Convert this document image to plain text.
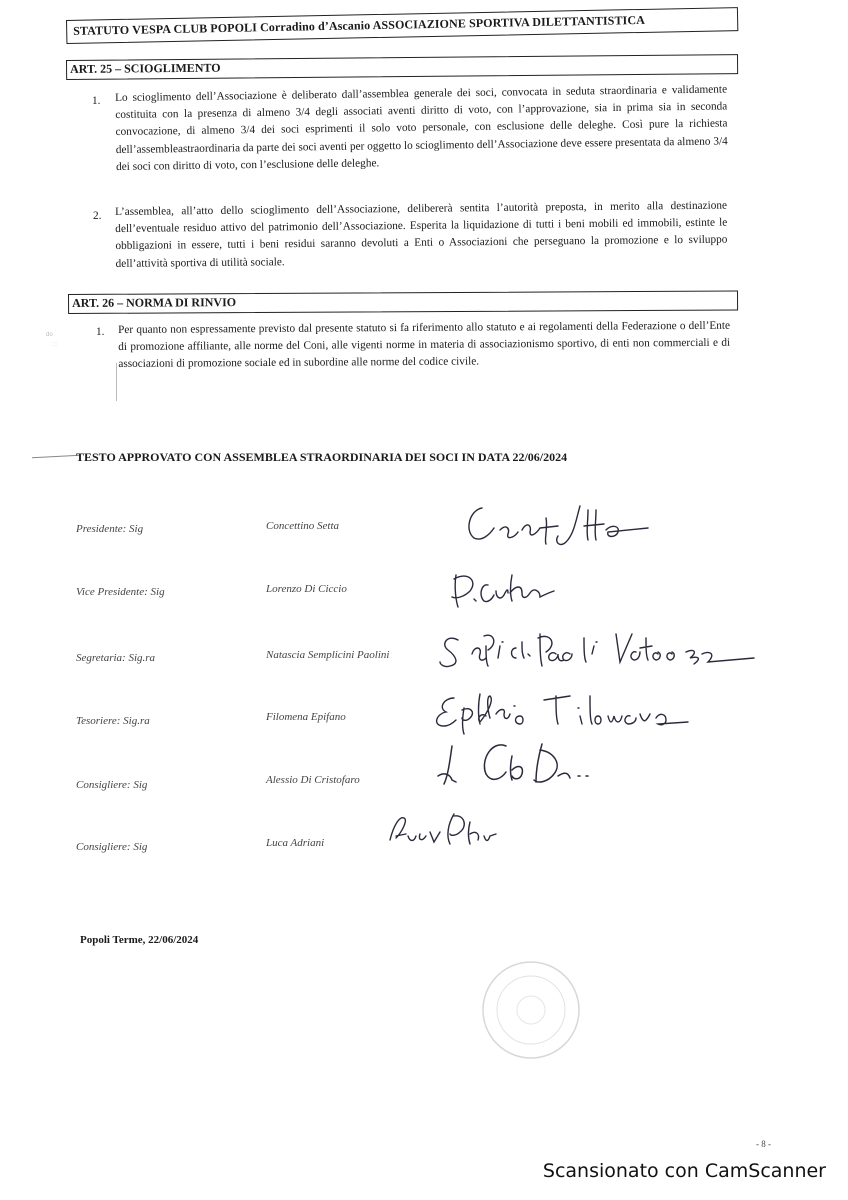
STATUTO VESPA CLUB POPOLI Corradino d’Ascanio ASSOCIAZIONE SPORTIVA DILETTANTISTICA
ART. 25 – SCIOGLIMENTO
1. Lo scioglimento dell’Associazione è deliberato dall’assemblea generale dei soci, convocata in seduta straordinaria e validamente costituita con la presenza di almeno 3/4 degli associati aventi diritto di voto, con l’approvazione, sia in prima sia in seconda convocazione, di almeno 3/4 dei soci esprimenti il solo voto personale, con esclusione delle deleghe. Così pure la richiesta dell’assembleastraordinaria da parte dei soci aventi per oggetto lo scioglimento dell’Associazione deve essere presentata da almeno 3/4 dei soci con diritto di voto, con l’esclusione delle deleghe.

2. L’assemblea, all’atto dello scioglimento dell’Associazione, delibererà sentita l’autorità preposta, in merito alla destinazione dell’eventuale residuo attivo del patrimonio dell’Associazione. Esperita la liquidazione di tutti i beni mobili ed immobili, estinte le obbligazioni in essere, tutti i beni residui saranno devoluti a Enti o Associazioni che perseguano la promozione e lo sviluppo dell’attività sportiva di utilità sociale.

ART. 26 – NORMA DI RINVIO
do
:::
1. Per quanto non espressamente previsto dal presente statuto si fa riferimento allo statuto e ai regolamenti della Federazione o dell’Ente di promozione affiliante, alle norme del Coni, alle vigenti norme in materia di associazionismo sportivo, di enti non commerciali e di associazioni di promozione sociale ed in subordine alle norme del codice civile.

TESTO APPROVATO CON ASSEMBLEA STRAORDINARIA DEI SOCI IN DATA 22/06/2024
Presidente: Sig	Concettino Setta
Vice Presidente: Sig	Lorenzo Di Ciccio
Segretaria: Sig.ra	Natascia Semplicini Paolini
Tesoriere: Sig.ra	Filomena Epifano
Consigliere: Sig	Alessio Di Cristofaro
Consigliere: Sig	Luca Adriani
Popoli Terme, 22/06/2024
- 8 -
Scansionato con CamScanner
